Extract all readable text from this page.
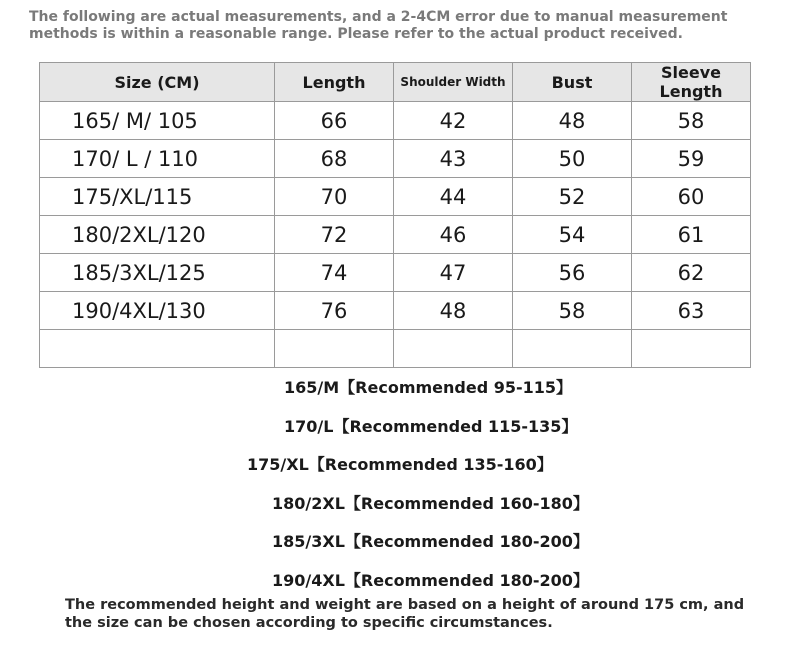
The following are actual measurements, and a 2-4CM error due to manual measurement methods is within a reasonable range. Please refer to the actual product received.
Size (CM)	Length	Shoulder Width	Bust	Sleeve Length
165/ M/ 105	66	42	48	58
170/ L / 110	68	43	50	59
175/XL/115	70	44	52	60
180/2XL/120	72	46	54	61
185/3XL/125	74	47	56	62
190/4XL/130	76	48	58	63

165/M【Recommended 95-115】
170/L【Recommended 115-135】
175/XL【Recommended 135-160】
180/2XL【Recommended 160-180】
185/3XL【Recommended 180-200】
190/4XL【Recommended 180-200】
The recommended height and weight are based on a height of around 175 cm, and the size can be chosen according to specific circumstances.
